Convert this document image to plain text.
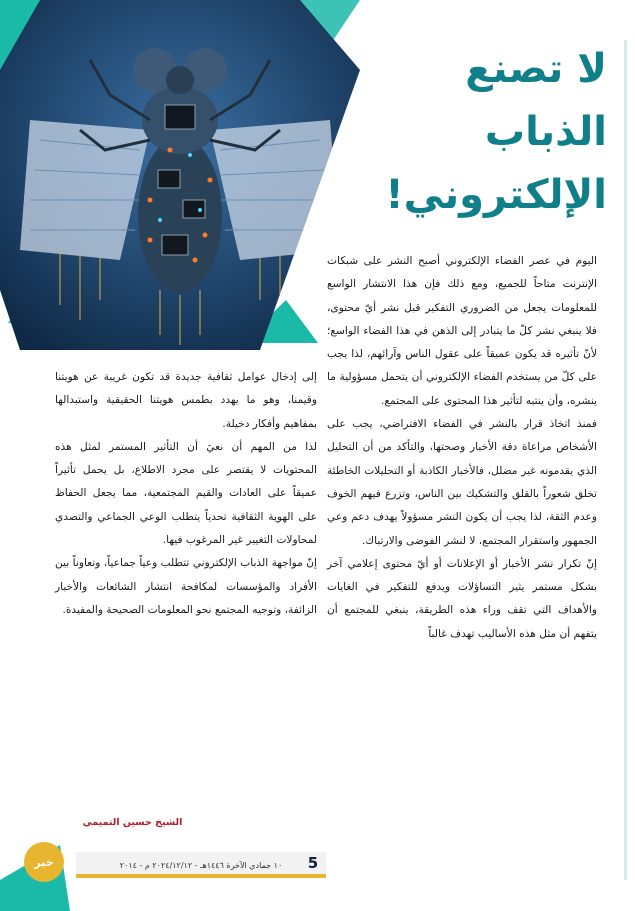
لا تصنع
الذباب
الإلكتروني!

اليوم في عصر الفضاء الإلكتروني أصبح النشر على شبكات الإنترنت متاحاً للجميع، ومع ذلك فإن هذا الانتشار الواسع للمعلومات يجعل من الضروري التفكير قبل نشر أيّ محتوى، فلا ينبغي نشر كلّ ما يتبادر إلى الذهن في هذا الفضاء الواسع؛ لأنّ تأثيره قد يكون عميقاً على عقول الناس وآرائهم، لذا يجب على كلّ من يستخدم الفضاء الإلكتروني أن يتحمل مسؤولية ما ينشره، وأن ينتبه لتأثير هذا المحتوى على المجتمع.

فمنذ اتخاذ قرار بالنشر في الفضاء الافتراضي، يجب على الأشخاص مراعاة دقة الأخبار وصحتها، والتأكد من أن التحليل الذي يقدمونه غير مضلل، فالأخبار الكاذبة أو التحليلات الخاطئة تخلق شعوراً بالقلق والتشكيك بين الناس، وتزرع فيهم الخوف وعدم الثقة، لذا يجب أن يكون النشر مسؤولاً يهدف دعم وعي الجمهور واستقرار المجتمع، لا لنشر الفوضى والارتباك.

إنّ تكرار نشر الأخبار أو الإعلانات أو أيّ محتوى إعلامي آخر بشكل مستمر يثير التساؤلات ويدفع للتفكير في الغايات والأهداف التي تقف وراء هذه الطريقة، ينبغي للمجتمع أن يتفهم أن مثل هذه الأساليب تهدف غالباً

إلى إدخال عوامل ثقافية جديدة قد تكون غريبة عن هويتنا وقيمنا، وهو ما يهدد بطمس هويتنا الحقيقية واستبدالها بمفاهيم وأفكار دخيلة.

لذا من المهم أن نعيَ أن التأثير المستمر لمثل هذه المحتويات لا يقتصر على مجرد الاطلاع، بل يحمل تأثيراً عميقاً على العادات والقيم المجتمعية، مما يجعل الحفاظ على الهوية الثقافية تحدياً يتطلب الوعي الجماعي والتصدي لمحاولات التغيير غير المرغوب فيها.

إنّ مواجهة الذباب الإلكتروني تتطلب وعياً جماعياً، وتعاوناً بين الأفراد والمؤسسات لمكافحة انتشار الشائعات والأخبار الزائفة، وتوجيه المجتمع نحو المعلومات الصحيحة والمفيدة.

الشيخ حسين التميمي
١٠ جمادي الآخرة ١٤٤٦هـ - ٢٠٢٤/١٢/١٢ م - ٢٠١٤	5
خير
